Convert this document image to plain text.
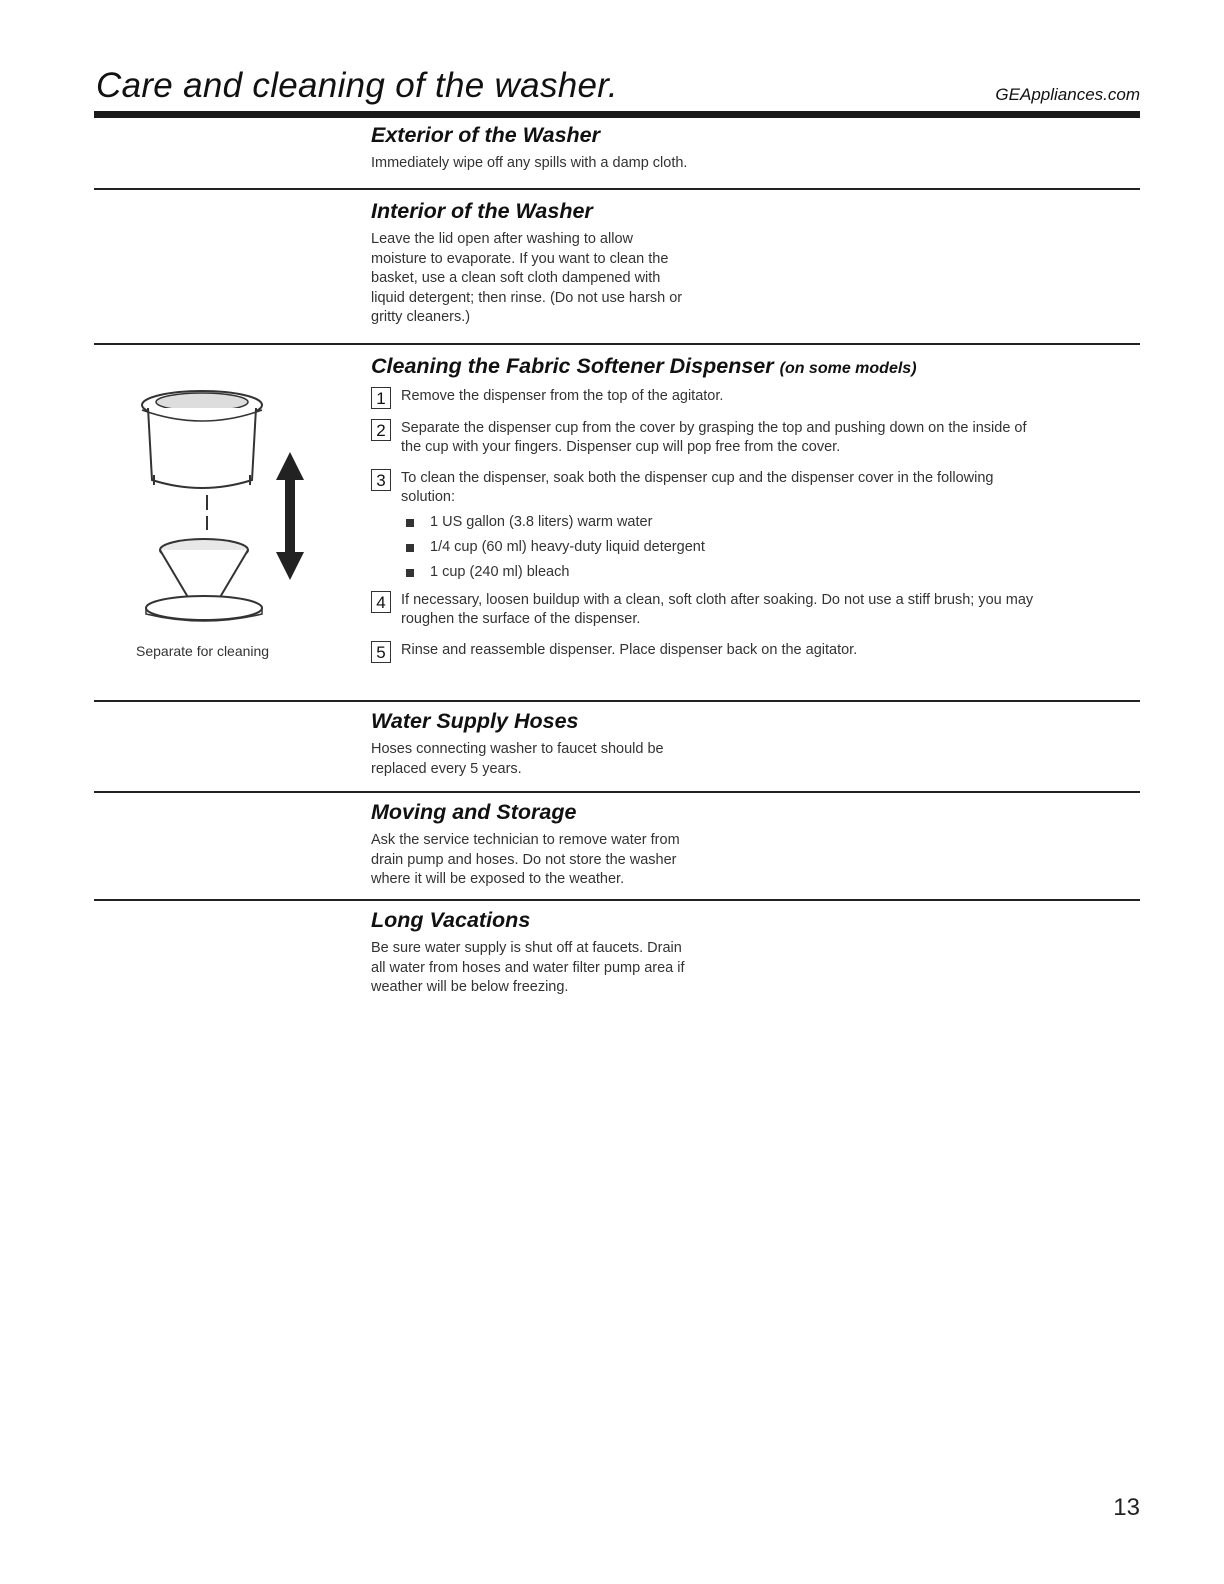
Care and cleaning of the washer.	GEAppliances.com
Exterior of the Washer

Immediately wipe off any spills with a damp cloth.

Interior of the Washer

Leave the lid open after washing to allow
moisture to evaporate. If you want to clean the
basket, use a clean soft cloth dampened with
liquid detergent; then rinse. (Do not use harsh or
gritty cleaners.)

Cleaning the Fabric Softener Dispenser (on some models)
1	Remove the dispenser from the top of the agitator.
2	Separate the dispenser cup from the cover by grasping the top and pushing down on the inside of
the cup with your fingers. Dispenser cup will pop free from the cover.
3	To clean the dispenser, soak both the dispenser cup and the dispenser cover in the following
solution:
1 US gallon (3.8 liters) warm water
1/4 cup (60 ml) heavy-duty liquid detergent
1 cup (240 ml) bleach
4	If necessary, loosen buildup with a clean, soft cloth after soaking. Do not use a stiff brush; you may
roughen the surface of the dispenser.
5	Rinse and reassemble dispenser. Place dispenser back on the agitator.
Separate for cleaning
Water Supply Hoses

Hoses connecting washer to faucet should be
replaced every 5 years.

Moving and Storage

Ask the service technician to remove water from
drain pump and hoses. Do not store the washer
where it will be exposed to the weather.

Long Vacations

Be sure water supply is shut off at faucets. Drain
all water from hoses and water filter pump area if
weather will be below freezing.

13
